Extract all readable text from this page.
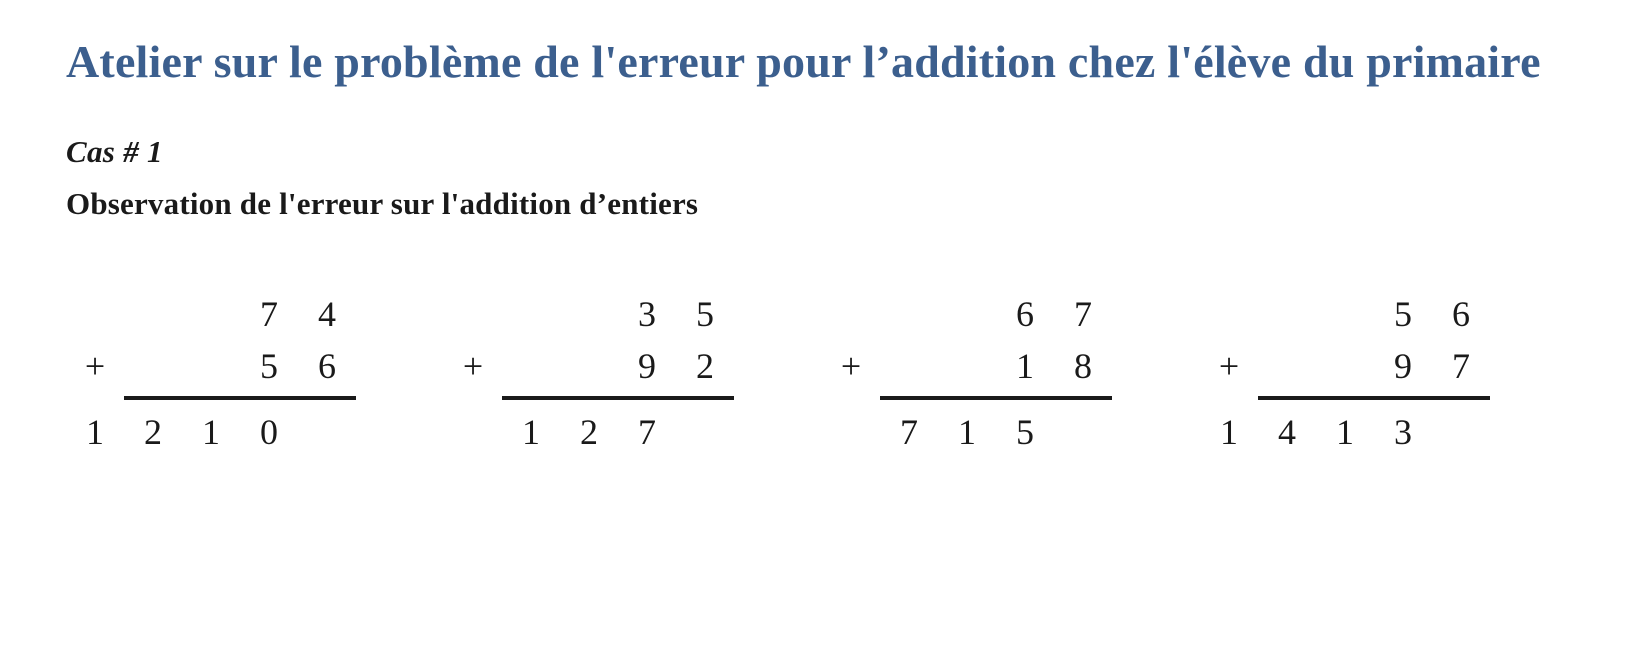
Atelier sur le problème de l'erreur pour l’addition chez l'élève du primaire
Cas # 1
Observation de l'erreur sur l'addition d’entiers
7	4
+	5	6
1	2	1	0
3	5
+	9	2
1	2	7
6	7
+	1	8
7	1	5
5	6
+	9	7
1	4	1	3
